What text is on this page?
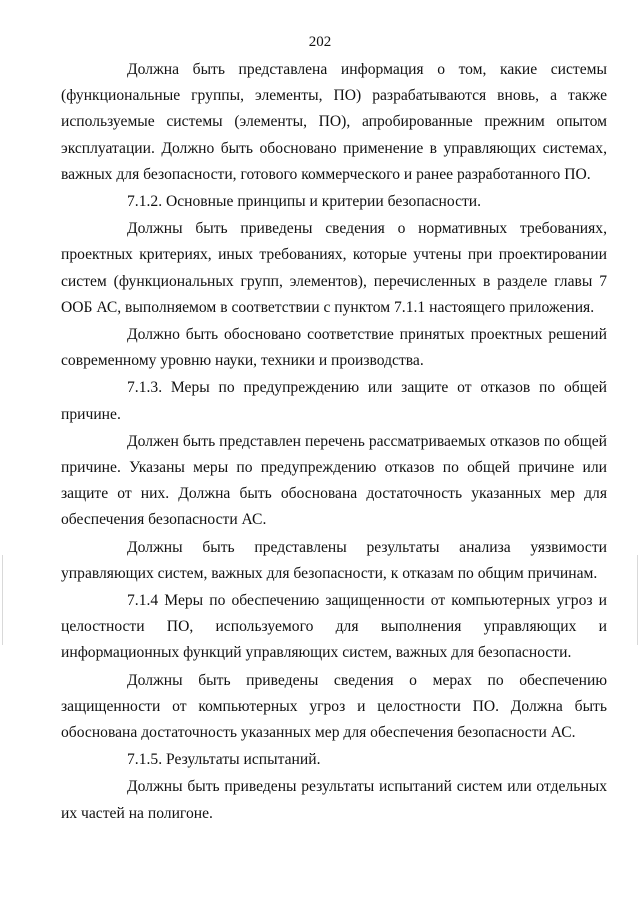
202

Должна быть представлена информация о том, какие системы (функциональные группы, элементы, ПО) разрабатываются вновь, а также используемые системы (элементы, ПО), апробированные прежним опытом эксплуатации. Должно быть обосновано применение в управляющих системах, важных для безопасности, готового коммерческого и ранее разработанного ПО.

7.1.2. Основные принципы и критерии безопасности.

Должны быть приведены сведения о нормативных требованиях, проектных критериях, иных требованиях, которые учтены при проектировании систем (функциональных групп, элементов), перечисленных в разделе главы 7 ООБ АС, выполняемом в соответствии с пунктом 7.1.1 настоящего приложения.

Должно быть обосновано соответствие принятых проектных решений современному уровню науки, техники и производства.

7.1.3. Меры по предупреждению или защите от отказов по общей причине.

Должен быть представлен перечень рассматриваемых отказов по общей причине. Указаны меры по предупреждению отказов по общей причине или защите от них. Должна быть обоснована достаточность указанных мер для обеспечения безопасности АС.

Должны быть представлены результаты анализа уязвимости управляющих систем, важных для безопасности, к отказам по общим причинам.

7.1.4 Меры по обеспечению защищенности от компьютерных угроз и целостности ПО, используемого для выполнения управляющих и информационных функций управляющих систем, важных для безопасности.

Должны быть приведены сведения о мерах по обеспечению защищенности от компьютерных угроз и целостности ПО. Должна быть обоснована достаточность указанных мер для обеспечения безопасности АС.

7.1.5. Результаты испытаний.

Должны быть приведены результаты испытаний систем или отдельных их частей на полигоне.
